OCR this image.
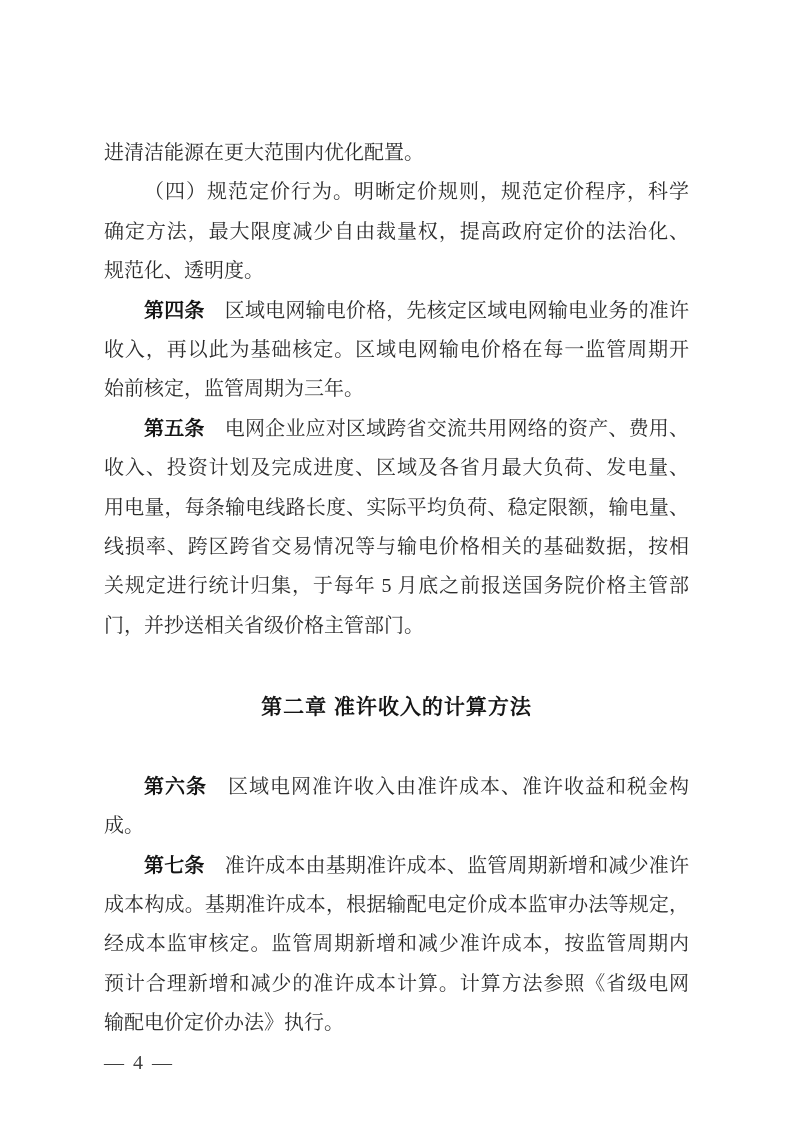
进清洁能源在更大范围内优化配置。
（四）规范定价行为。明晰定价规则，规范定价程序，科学
确定方法，最大限度减少自由裁量权，提高政府定价的法治化、
规范化、透明度。
第四条　区域电网输电价格，先核定区域电网输电业务的准许
收入，再以此为基础核定。区域电网输电价格在每一监管周期开
始前核定，监管周期为三年。
第五条　电网企业应对区域跨省交流共用网络的资产、费用、
收入、投资计划及完成进度、区域及各省月最大负荷、发电量、
用电量，每条输电线路长度、实际平均负荷、稳定限额，输电量、
线损率、跨区跨省交易情况等与输电价格相关的基础数据，按相
关规定进行统计归集，于每年 5 月底之前报送国务院价格主管部
门，并抄送相关省级价格主管部门。
第二章 准许收入的计算方法
第六条　区域电网准许收入由准许成本、准许收益和税金构成。
第七条　准许成本由基期准许成本、监管周期新增和减少准许
成本构成。基期准许成本，根据输配电定价成本监审办法等规定，
经成本监审核定。监管周期新增和减少准许成本，按监管周期内
预计合理新增和减少的准许成本计算。计算方法参照《省级电网
输配电价定价办法》执行。
— 4 —
